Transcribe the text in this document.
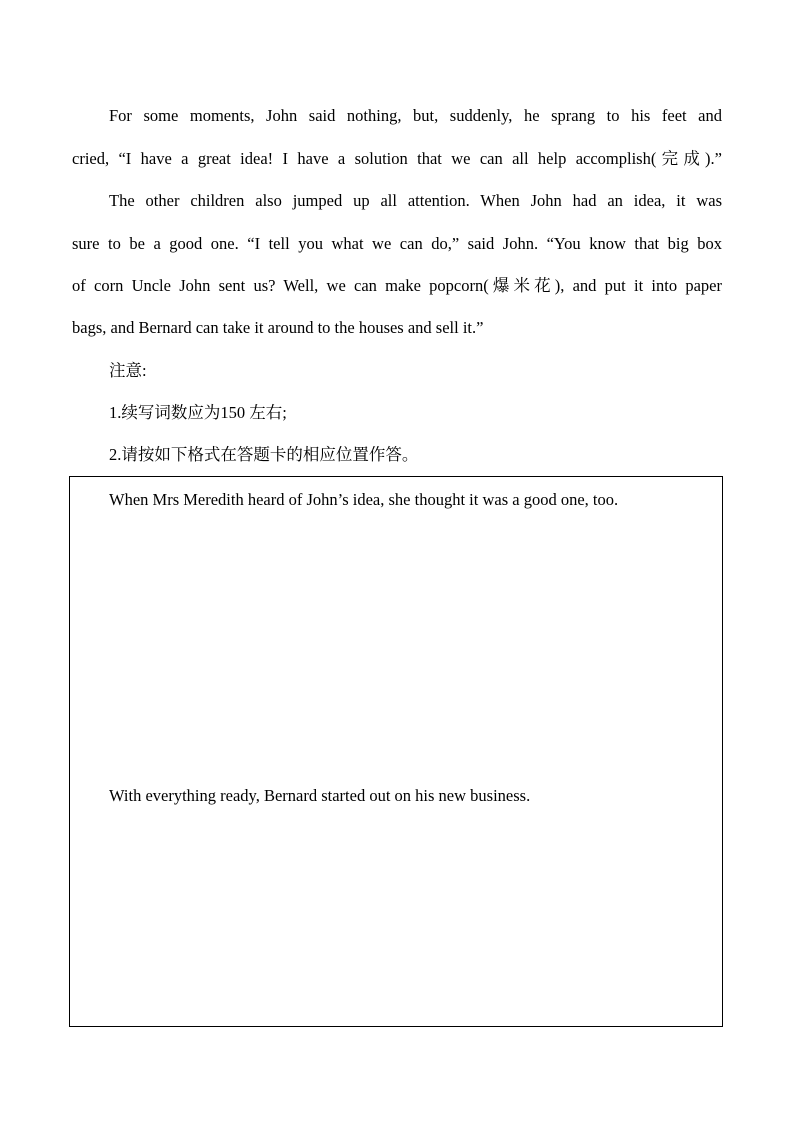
For some moments, John said nothing, but, suddenly, he sprang to his feet and
cried, “I have a great idea! I have a solution that we can all help accomplish(完成).”
The other children also jumped up all attention. When John had an idea, it was
sure to be a good one. “I tell you what we can do,” said John. “You know that big box
of corn Uncle John sent us? Well, we can make popcorn(爆米花), and put it into paper
bags, and Bernard can take it around to the houses and sell it.”
注意:
1.续写词数应为150 左右;
2.请按如下格式在答题卡的相应位置作答。
When Mrs Meredith heard of John’s idea, she thought it was a good one, too.
With everything ready, Bernard started out on his new business.
